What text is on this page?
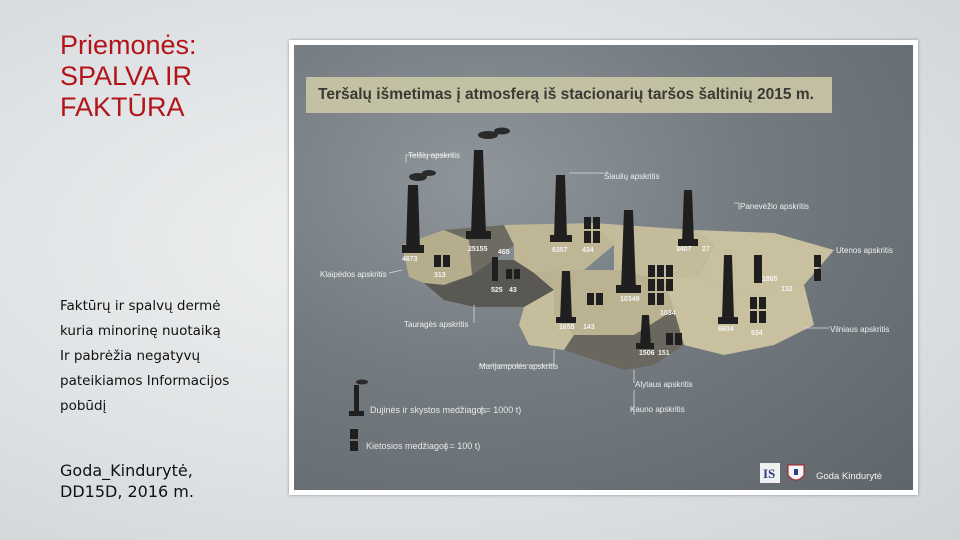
Priemonės: SPALVA IR FAKTŪRA
Faktūrų ir spalvų dermė
kuria minorinę nuotaiką
Ir pabrėžia negatyvų
pateikiamos Informacijos
pobūdį
Goda_Kindurytė,
DD15D, 2016 m.
Telšių apskritis
Šiaulių apskritis
Panevėžio apskritis
Utenos apskritis
Klaipėdos apskritis
Kauno apskritis
Tauragės apskritis
Marijampolės apskritis
Alytaus apskritis
Vilniaus apskritis
25155 465	6357 434	3407 27
1865
132
4673
313
10349
1034
525 43
1655 143
1506 151
6604
534
Dujinės ir skystos medžiagos
( = 1000 t)
Kietosios medžiagos
( = 100 t)
IS	Goda Kindurytė
Teršalų išmetimas į atmosferą iš stacionarių taršos šaltinių 2015 m.
